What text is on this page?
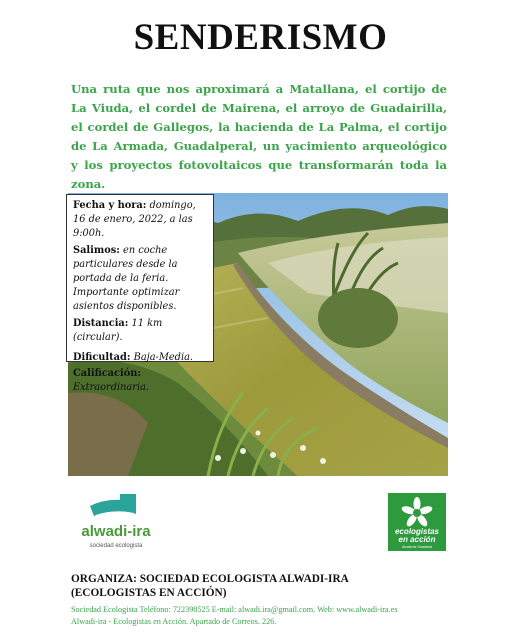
SENDERISMO
Una ruta que nos aproximará a Matallana, el cortijo de La Viuda, el cordel de Mairena, el arroyo de Guadairilla, el cordel de Gallegos, la hacienda de La Palma, el cortijo de La Armada, Guadalperal, un yacimiento arqueológico y los proyectos fotovoltaicos que transformarán toda la zona.

Fecha y hora: domingo, 16 de enero, 2022, a las 9:00h.

Salimos: en coche particulares desde la portada de la feria. Importante optimizar asientos disponibles.

Distancia: 11 km (circular).

Dificultad: Baja-Media.

Calificación: Extraordinaria.

alwadi-ira
sociedad ecologista
ecologistas
en acción
Alcalá de Guadaíra
ORGANIZA: SOCIEDAD ECOLOGISTA ALWADI-IRA
(ECOLOGISTAS EN ACCIÓN)
Sociedad Ecologista Teléfono: 722398525 E-mail: alwadi.ira@gmail.com. Web: www.alwadi-ira.es
Alwadi-ira - Ecologistas en Acción. Apartado de Correos. 226.
